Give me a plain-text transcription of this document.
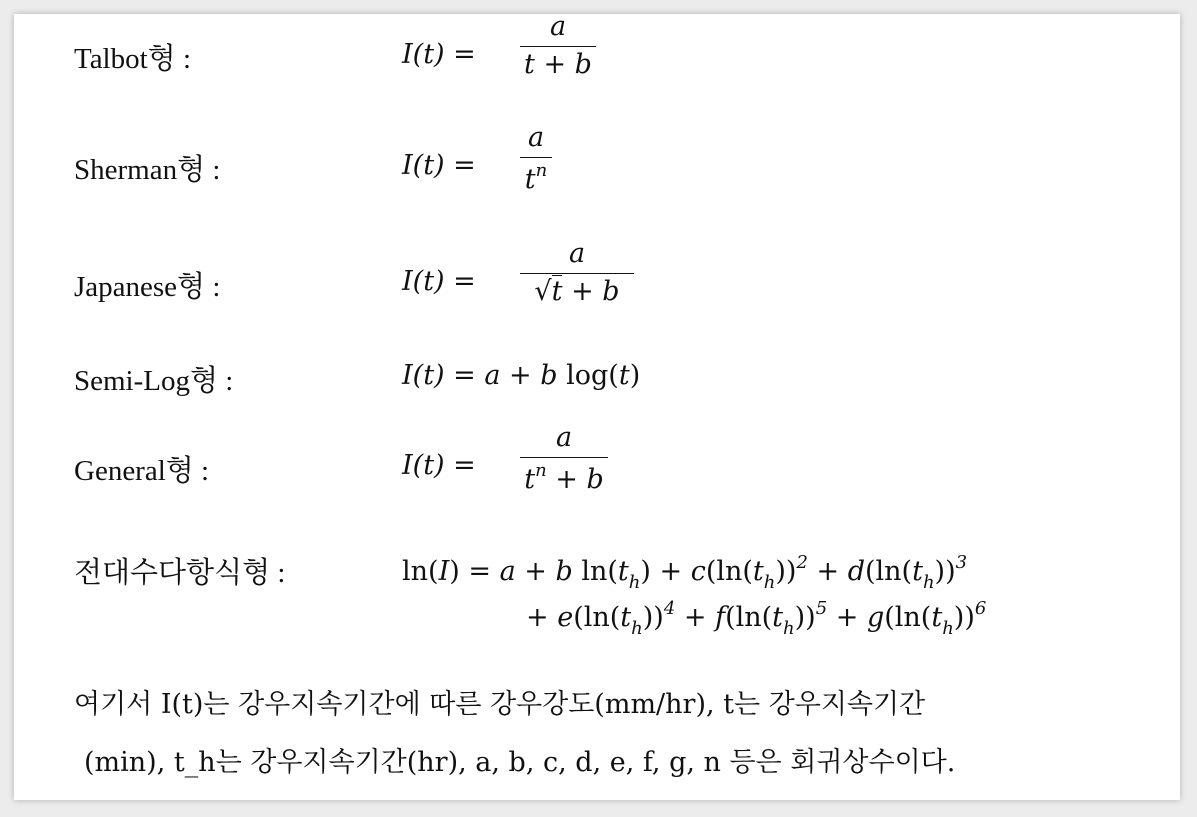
Talbot형 :	I(t) =
a
t + b
Sherman형 :	I(t) =
a
$t^n$
Japanese형 :	I(t) =
a
√t + b
Semi-Log형 :	I(t) = a + b log(t)
General형 :	I(t) =
a
$t^n + b$
전대수다항식형 :	ln(I) = a + b $\ln(t_h) + c(\ln(t_h))^2 + d(\ln(t_h))^3$
+ $e(\ln(t_h))^4 + f(\ln(t_h))^5 + g(\ln(t_h))^6$
여기서 I(t)는 강우지속기간에 따른 강우강도(mm/hr), t는 강우지속기간
(min), t_h는 강우지속기간(hr), a, b, c, d, e, f, g, n 등은 회귀상수이다.
